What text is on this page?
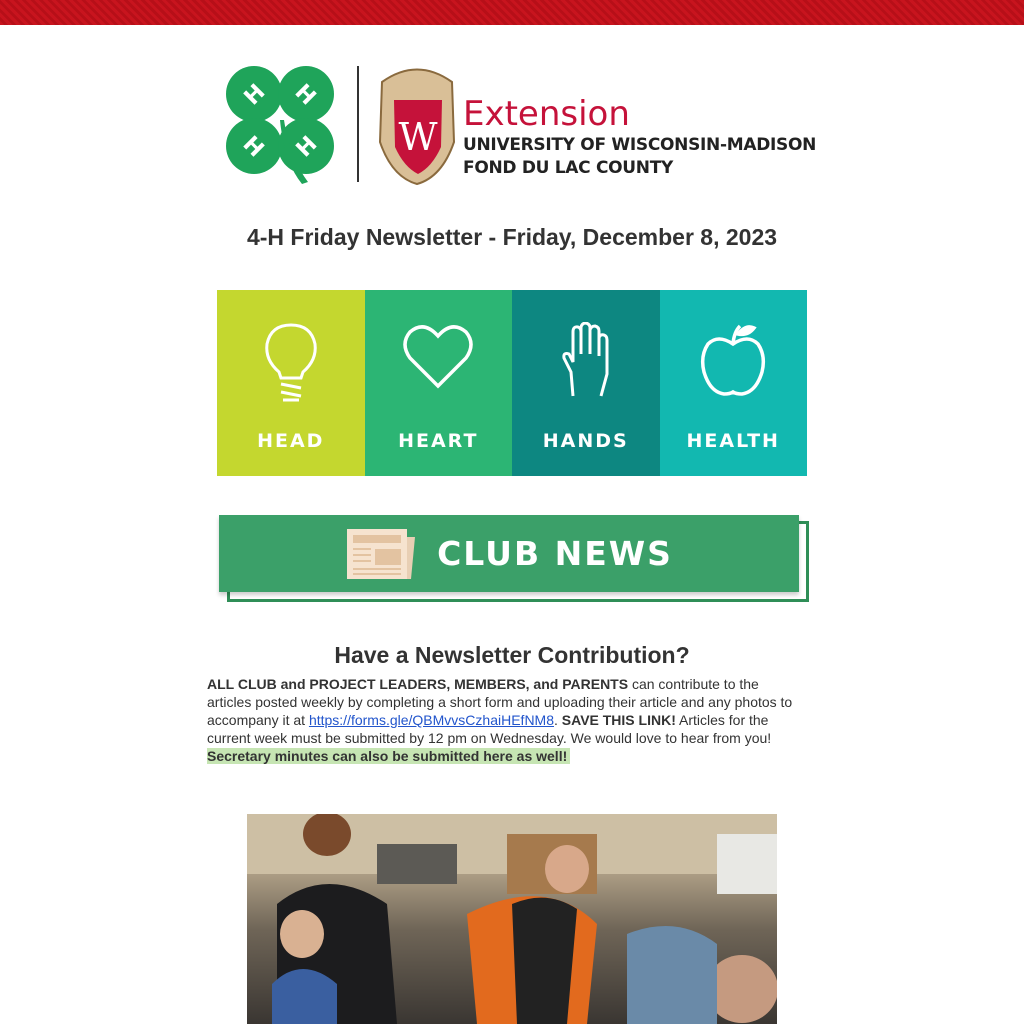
H H
H H W
Extension
UNIVERSITY OF WISCONSIN-MADISON
FOND DU LAC COUNTY
4-H Friday Newsletter - Friday, December 8, 2023
HEAD	HEART	HANDS	HEALTH
CLUB NEWS
Have a Newsletter Contribution?
ALL CLUB and PROJECT LEADERS, MEMBERS, and PARENTS can contribute to the articles posted weekly by completing a short form and uploading their article and any photos to accompany it at https://forms.gle/QBMvvsCzhaiHEfNM8. SAVE THIS LINK! Articles for the current week must be submitted by 12 pm on Wednesday. We would love to hear from you!
Secretary minutes can also be submitted here as well!
